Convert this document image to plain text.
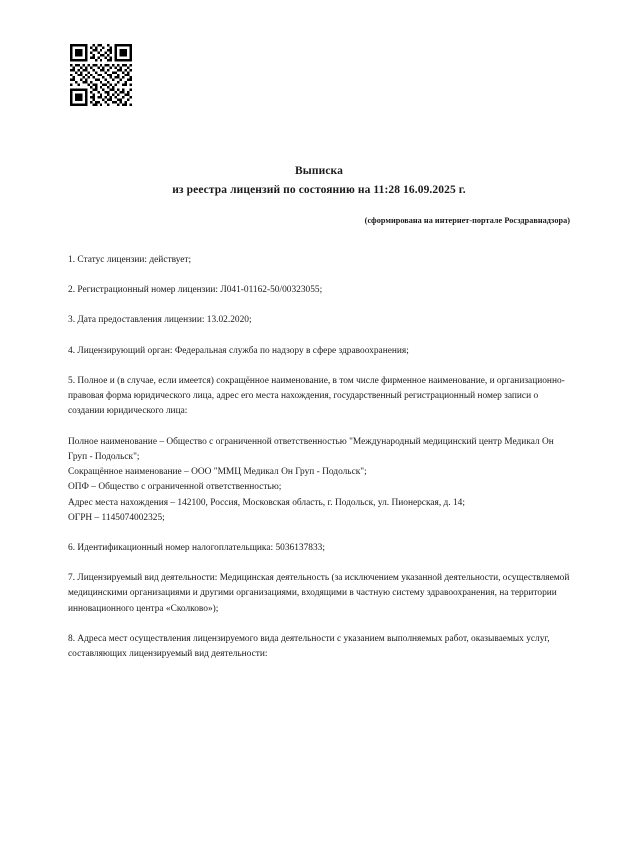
Выписка
из реестра лицензий по состоянию на 11:28 16.09.2025 г.
(сформирована на интернет-портале Росздравнадзора)

1. Статус лицензии: действует;

2. Регистрационный номер лицензии: Л041-01162-50/00323055;

3. Дата предоставления лицензии: 13.02.2020;

4. Лицензирующий орган: Федеральная служба по надзору в сфере здравоохранения;

5. Полное и (в случае, если имеется) сокращённое наименование, в том числе фирменное наименование, и организационно-правовая форма юридического лица, адрес его места нахождения, государственный регистрационный номер записи о создании юридического лица:

Полное наименование – Общество с ограниченной ответственностью "Международный медицинский центр Медикал Он Груп - Подольск";
Сокращённое наименование – ООО "ММЦ Медикал Он Груп - Подольск";
ОПФ – Общество с ограниченной ответственностью;
Адрес места нахождения – 142100, Россия, Московская область, г. Подольск, ул. Пионерская, д. 14;
ОГРН – 1145074002325;

6. Идентификационный номер налогоплательщика: 5036137833;

7. Лицензируемый вид деятельности: Медицинская деятельность (за исключением указанной деятельности, осуществляемой медицинскими организациями и другими организациями, входящими в частную систему здравоохранения, на территории инновационного центра «Сколково»);

8. Адреса мест осуществления лицензируемого вида деятельности с указанием выполняемых работ, оказываемых услуг, составляющих лицензируемый вид деятельности:
